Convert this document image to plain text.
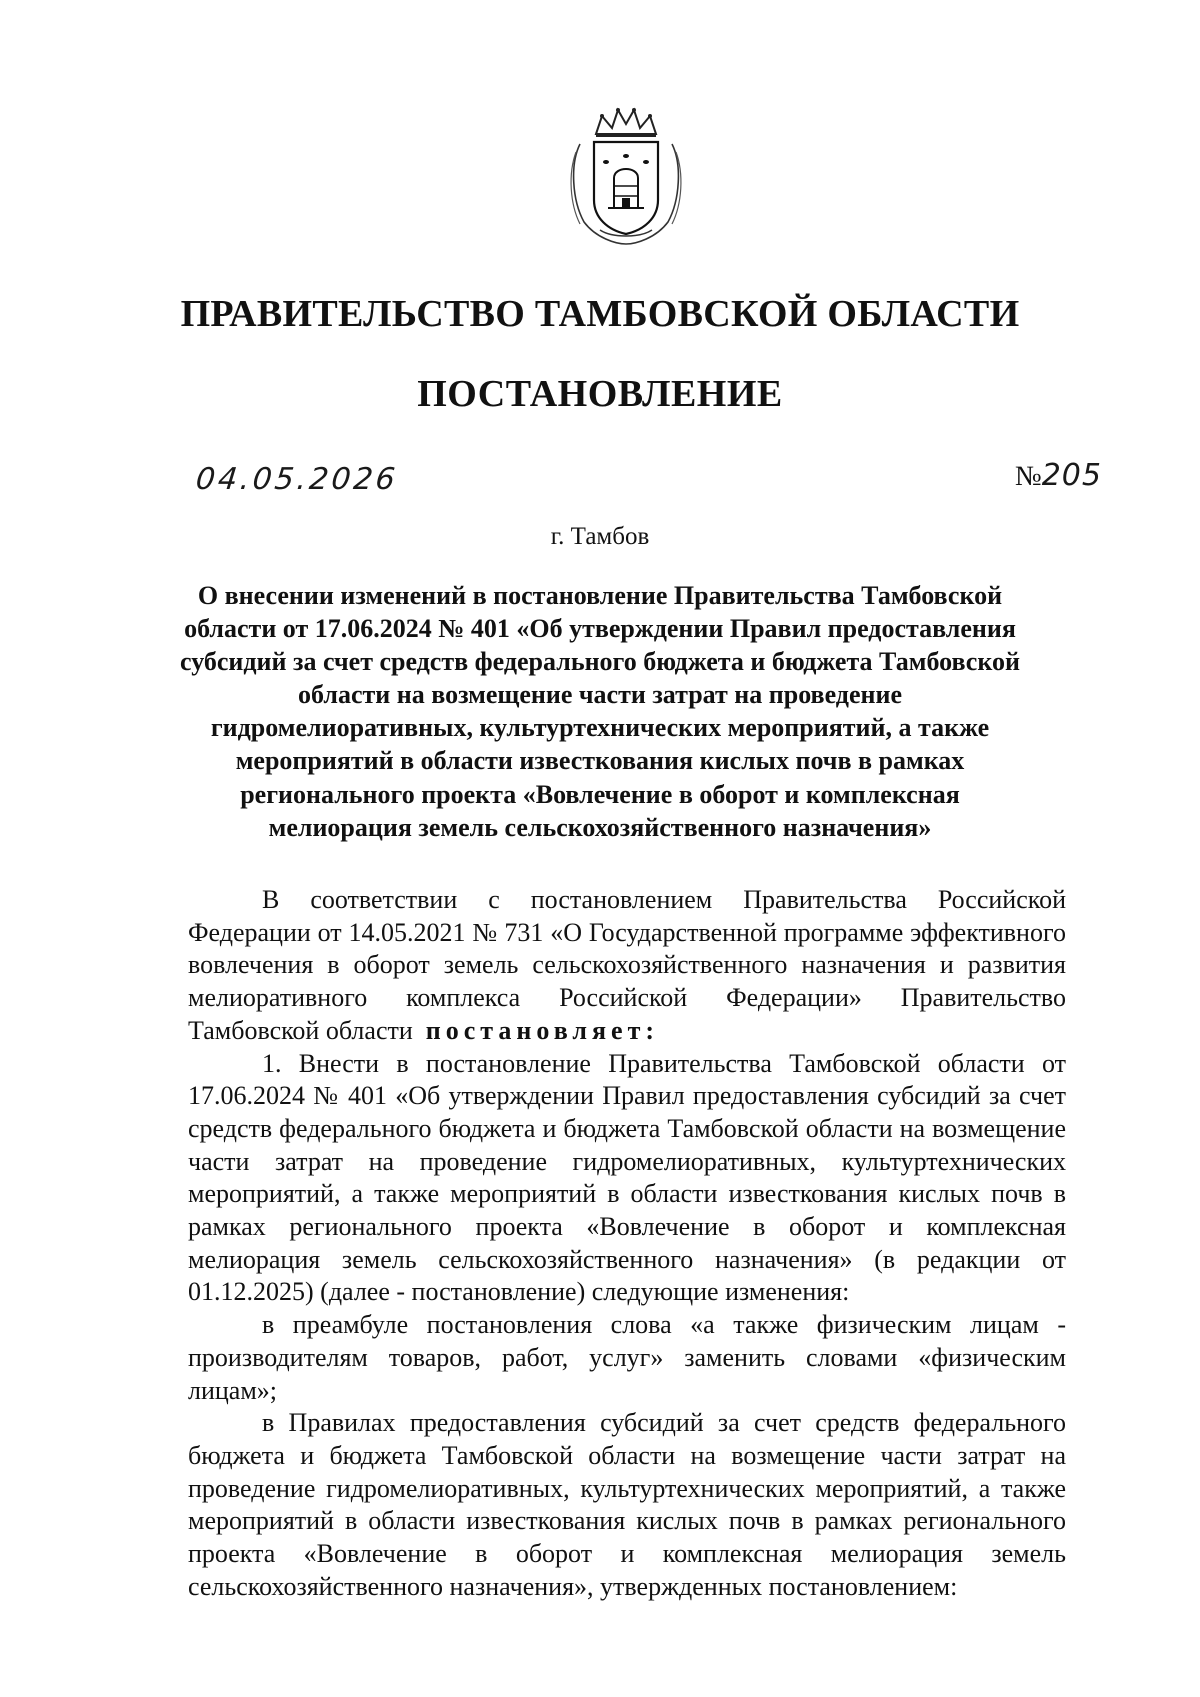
ПРАВИТЕЛЬСТВО ТАМБОВСКОЙ ОБЛАСТИ
ПОСТАНОВЛЕНИЕ
04.05.2026	№205
г. Тамбов
О внесении изменений в постановление Правительства Тамбовской области от 17.06.2024 № 401 «Об утверждении Правил предоставления субсидий за счет средств федерального бюджета и бюджета Тамбовской области на возмещение части затрат на проведение гидромелиоративных, культуртехнических мероприятий, а также мероприятий в области известкования кислых почв в рамках регионального проекта «Вовлечение в оборот и комплексная мелиорация земель сельскохозяйственного назначения»

В соответствии с постановлением Правительства Российской Федерации от 14.05.2021 № 731 «О Государственной программе эффективного вовлечения в оборот земель сельскохозяйственного назначения и развития мелиоративного комплекса Российской Федерации» Правительство Тамбовской области постановляет:

1. Внести в постановление Правительства Тамбовской области от 17.06.2024 № 401 «Об утверждении Правил предоставления субсидий за счет средств федерального бюджета и бюджета Тамбовской области на возмещение части затрат на проведение гидромелиоративных, культуртехнических мероприятий, а также мероприятий в области известкования кислых почв в рамках регионального проекта «Вовлечение в оборот и комплексная мелиорация земель сельскохозяйственного назначения» (в редакции от 01.12.2025) (далее - постановление) следующие изменения:

в преамбуле постановления слова «а также физическим лицам - производителям товаров, работ, услуг» заменить словами «физическим лицам»;

в Правилах предоставления субсидий за счет средств федерального бюджета и бюджета Тамбовской области на возмещение части затрат на проведение гидромелиоративных, культуртехнических мероприятий, а также мероприятий в области известкования кислых почв в рамках регионального проекта «Вовлечение в оборот и комплексная мелиорация земель сельскохозяйственного назначения», утвержденных постановлением:
